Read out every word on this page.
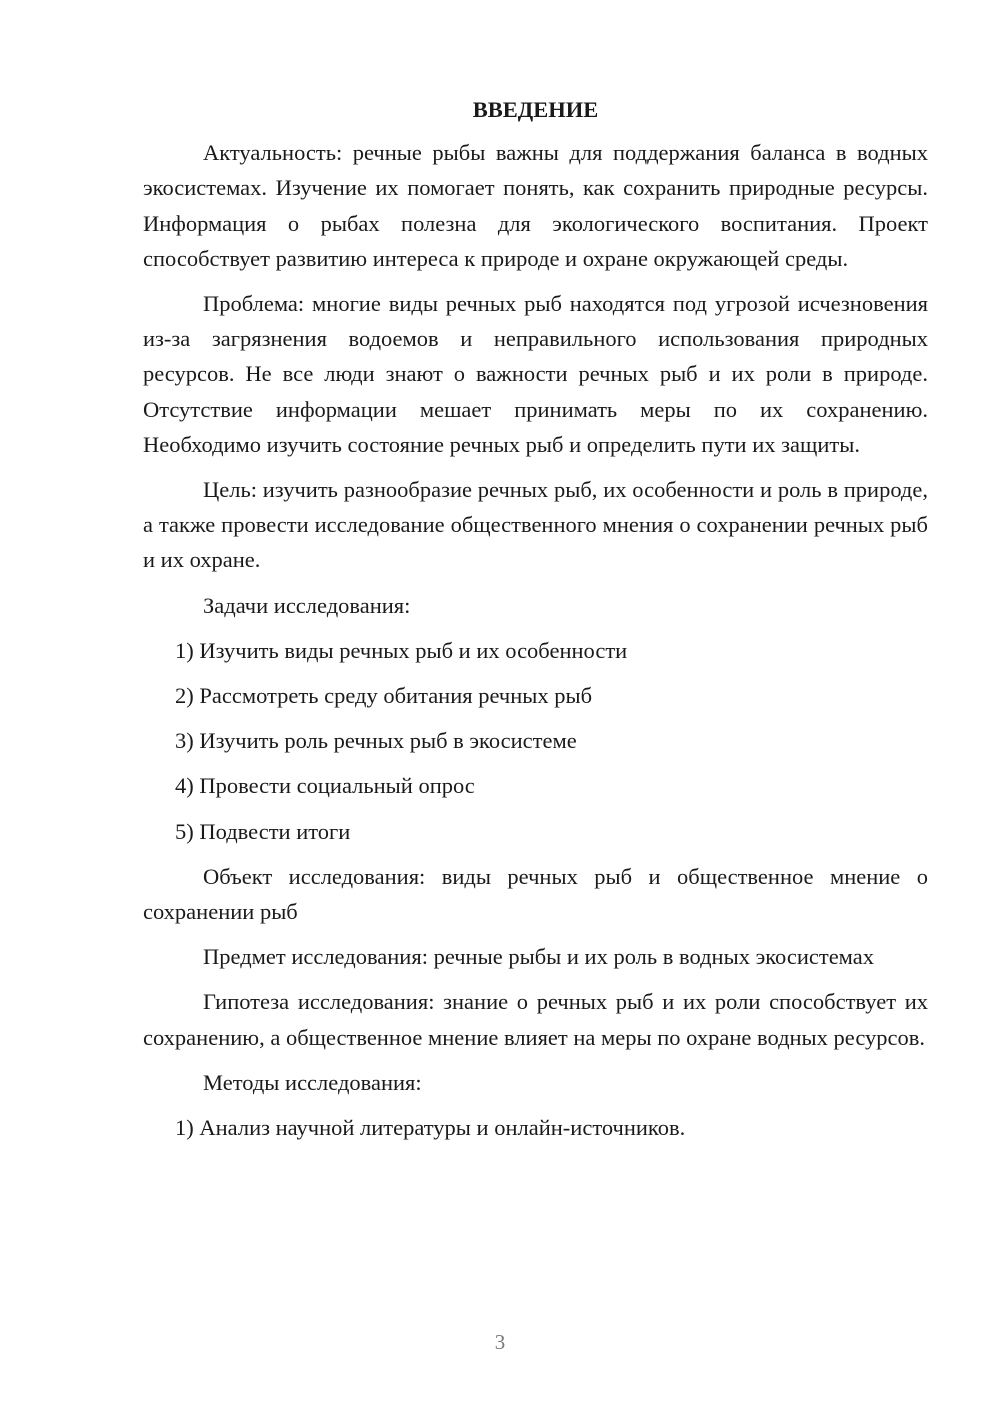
ВВЕДЕНИЕ
Актуальность: речные рыбы важны для поддержания баланса в водных экосистемах. Изучение их помогает понять, как сохранить природные ресурсы. Информация о рыбах полезна для экологического воспитания. Проект способствует развитию интереса к природе и охране окружающей среды.
Проблема: многие виды речных рыб находятся под угрозой исчезновения из-за загрязнения водоемов и неправильного использования природных ресурсов. Не все люди знают о важности речных рыб и их роли в природе. Отсутствие информации мешает принимать меры по их сохранению. Необходимо изучить состояние речных рыб и определить пути их защиты.
Цель: изучить разнообразие речных рыб, их особенности и роль в природе, а также провести исследование общественного мнения о сохранении речных рыб и их охране.
Задачи исследования:
1) Изучить виды речных рыб и их особенности
2) Рассмотреть среду обитания речных рыб
3) Изучить роль речных рыб в экосистеме
4) Провести социальный опрос
5) Подвести итоги
Объект исследования: виды речных рыб и общественное мнение о сохранении рыб
Предмет исследования: речные рыбы и их роль в водных экосистемах
Гипотеза исследования: знание о речных рыб и их роли способствует их сохранению, а общественное мнение влияет на меры по охране водных ресурсов.
Методы исследования:
1) Анализ научной литературы и онлайн-источников.
3
